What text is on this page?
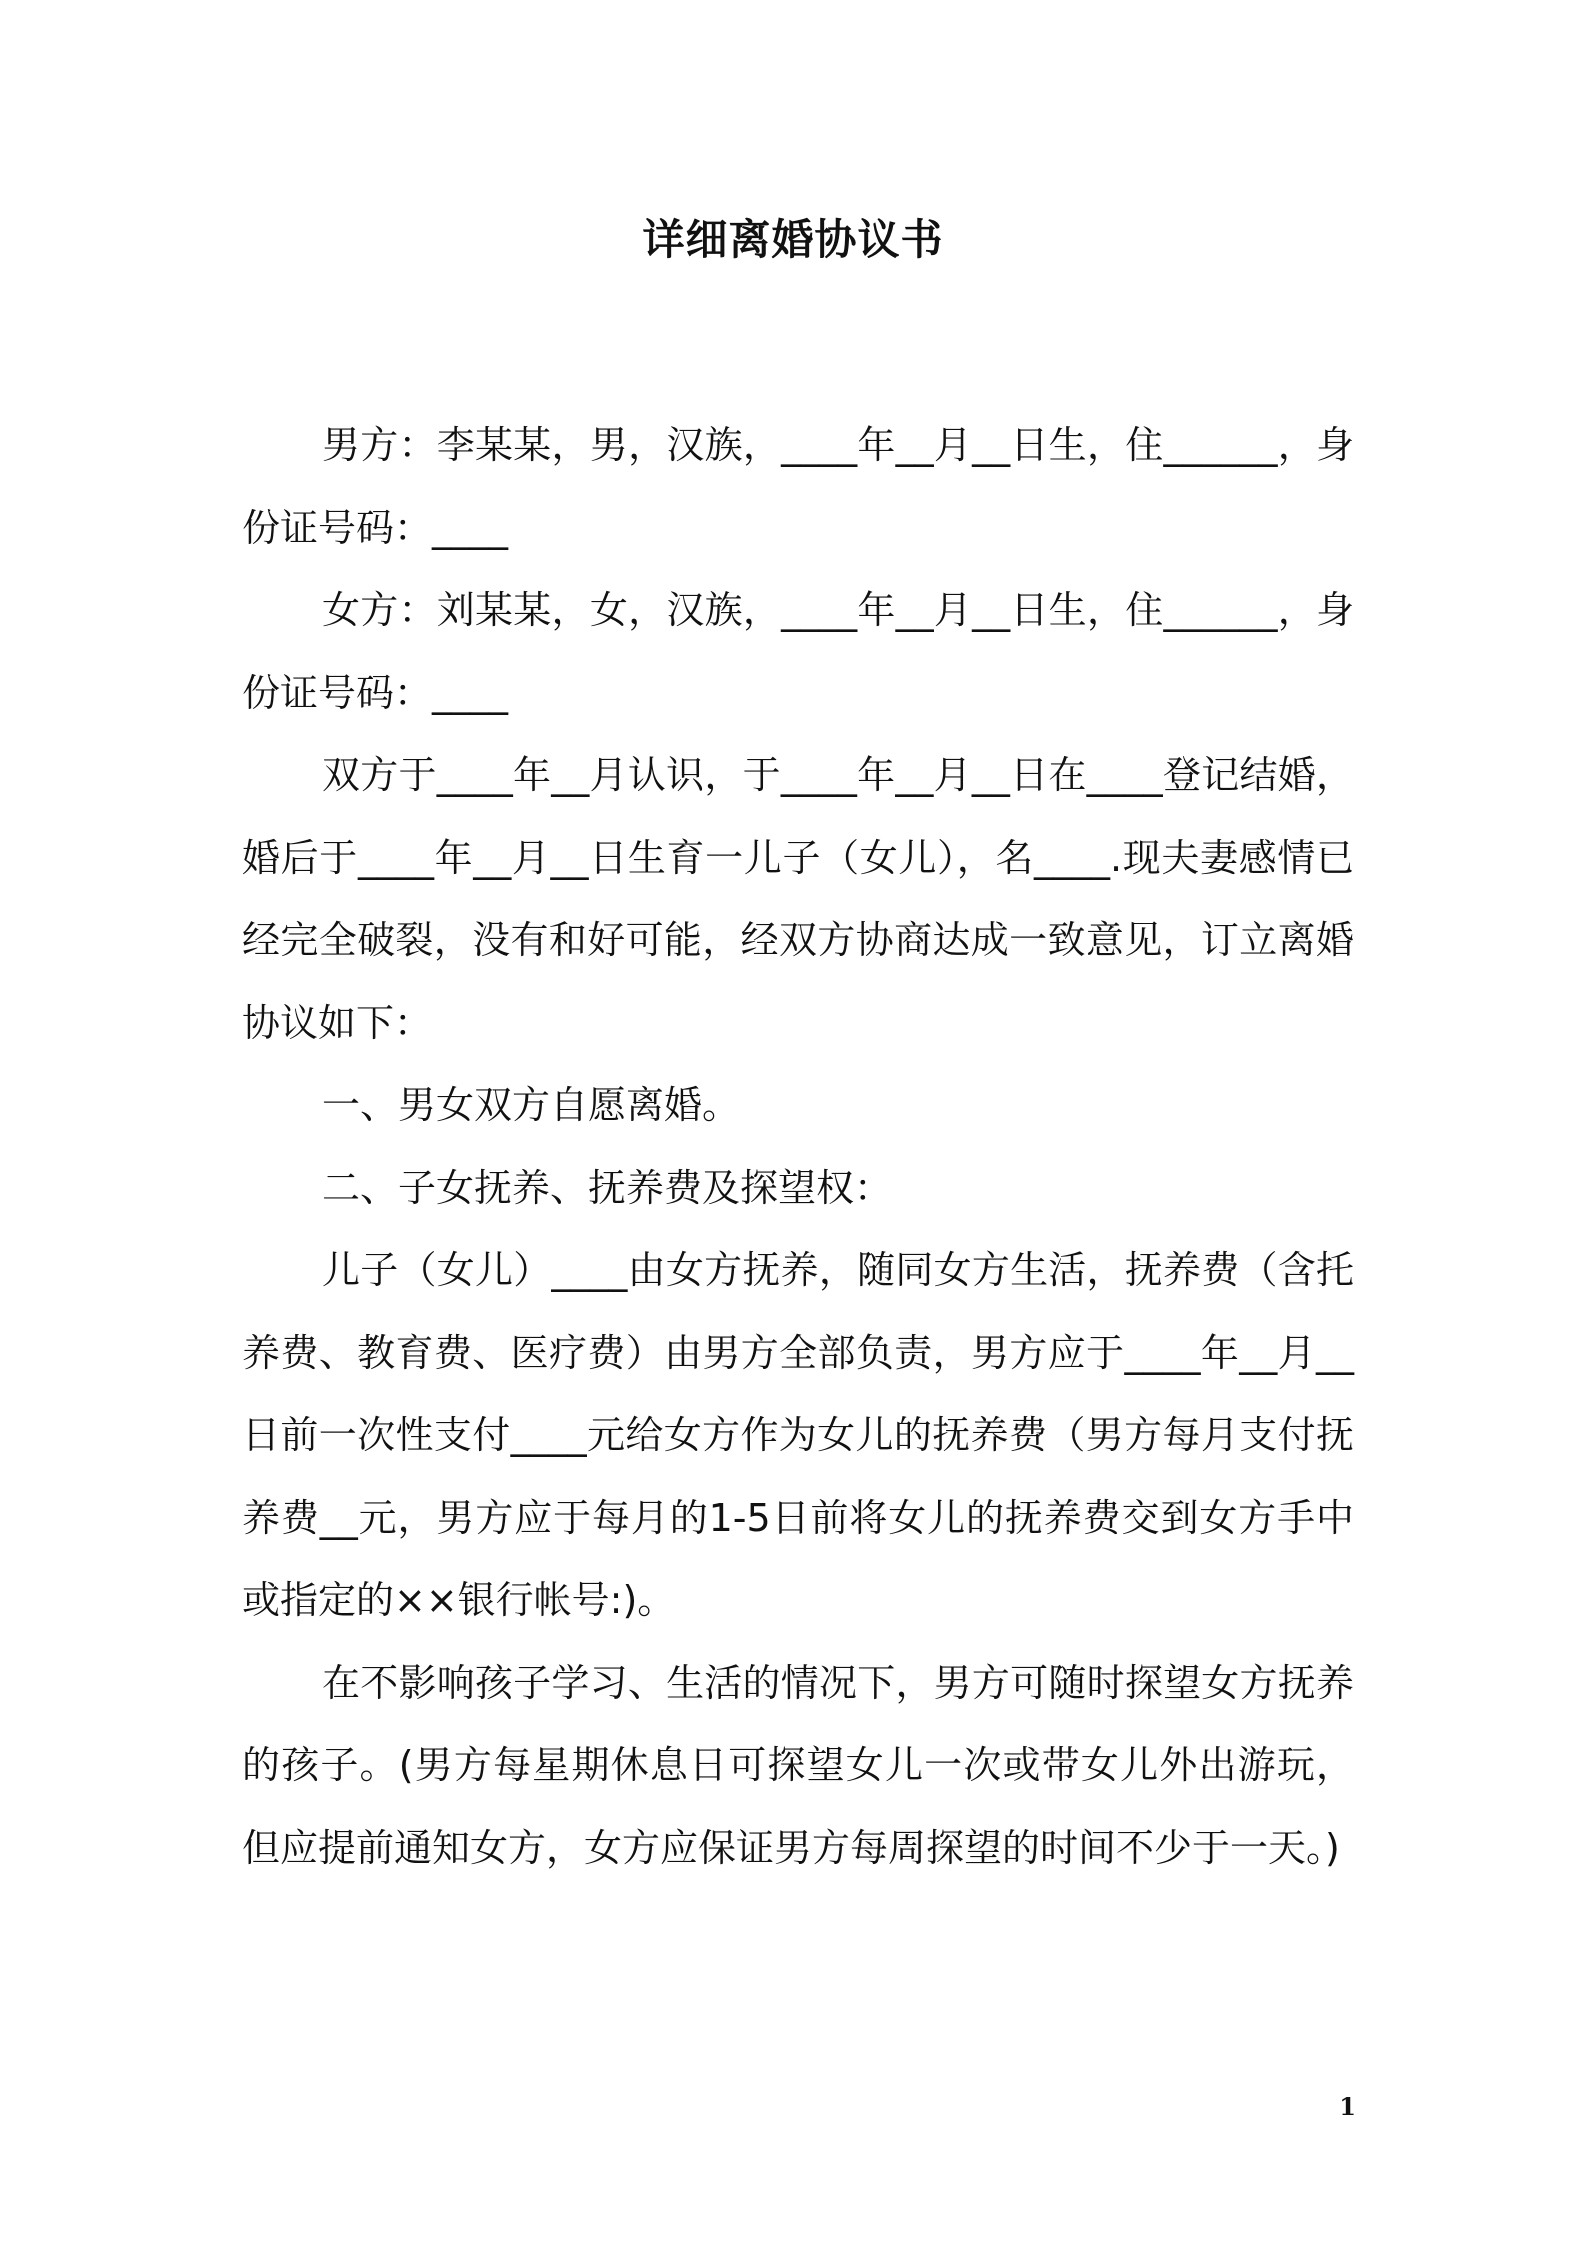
详细离婚协议书

男方：李某某，男，汉族，____年__月__日生，住______，身份证号码：____

女方：刘某某，女，汉族，____年__月__日生，住______，身份证号码：____

双方于____年__月认识，于____年__月__日在____登记结婚，婚后于____年__月__日生育一儿子（女儿），名____.现夫妻感情已经完全破裂，没有和好可能，经双方协商达成一致意见，订立离婚协议如下：

一、男女双方自愿离婚。

二、子女抚养、抚养费及探望权：

儿子（女儿）____由女方抚养，随同女方生活，抚养费（含托养费、教育费、医疗费）由男方全部负责，男方应于____年__月__日前一次性支付____元给女方作为女儿的抚养费（男方每月支付抚养费__元，男方应于每月的1-5日前将女儿的抚养费交到女方手中或指定的××银行帐号:)。

在不影响孩子学习、生活的情况下，男方可随时探望女方抚养的孩子。(男方每星期休息日可探望女儿一次或带女儿外出游玩，但应提前通知女方，女方应保证男方每周探望的时间不少于一天。)

1
